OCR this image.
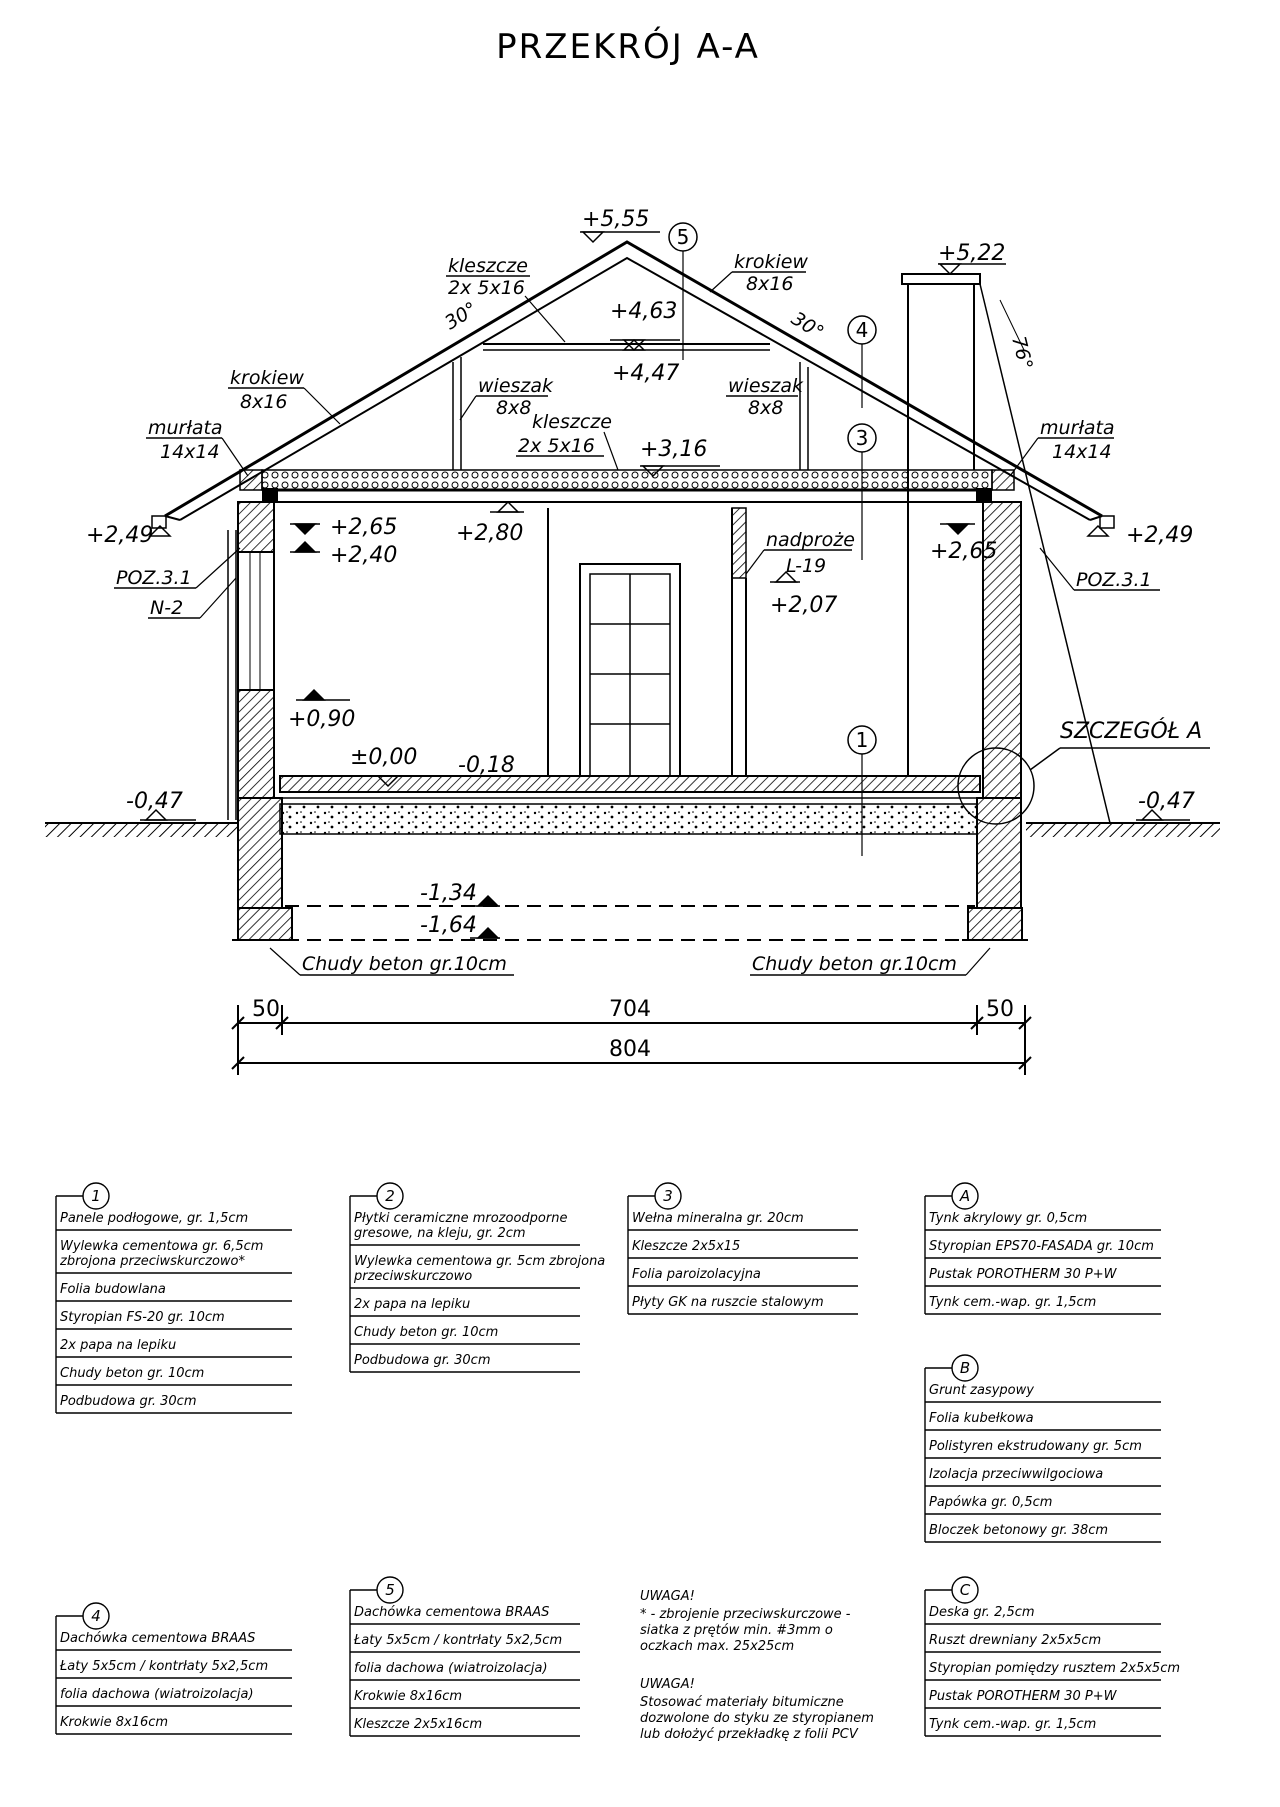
PRZEKRÓJ A-A
+5,55
+5,22
+4,63
+4,47
+3,16
+2,80
+2,49	+2,49
+2,65
+2,40	+2,65
+2,07
+0,90
±0,00 -0,18
-0,47	-0,47
-1,34
-1,64
kleszcze
2x 5x16
krokiew
8x16
krokiew
8x16
wieszak
8x8
wieszak
8x8
kleszcze
2x 5x16
murłata
14x14
murłata
14x14
POZ.3.1
N-2
POZ.3.1
nadproże
L-19
SZCZEGÓŁ A
Chudy beton gr.10cm	Chudy beton gr.10cm
30°	30°
76°
5
4
3
1
50	704	50
804
1
Panele podłogowe, gr. 1,5cm
Wylewka cementowa gr. 6,5cm
zbrojona przeciwskurczowo*
Folia budowlana
Styropian FS-20 gr. 10cm
2x papa na lepiku
Chudy beton gr. 10cm
Podbudowa gr. 30cm
2
Płytki ceramiczne mrozoodporne
gresowe, na kleju, gr. 2cm
Wylewka cementowa gr. 5cm zbrojona
przeciwskurczowo
2x papa na lepiku
Chudy beton gr. 10cm
Podbudowa gr. 30cm
3
Wełna mineralna gr. 20cm
Kleszcze 2x5x15
Folia paroizolacyjna
Płyty GK na ruszcie stalowym
A
Tynk akrylowy gr. 0,5cm
Styropian EPS70-FASADA gr. 10cm
Pustak POROTHERM 30 P+W
Tynk cem.-wap. gr. 1,5cm
B
Grunt zasypowy
Folia kubełkowa
Polistyren ekstrudowany gr. 5cm
Izolacja przeciwwilgociowa
Papówka gr. 0,5cm
Bloczek betonowy gr. 38cm
4
Dachówka cementowa BRAAS
Łaty 5x5cm / kontrłaty 5x2,5cm
folia dachowa (wiatroizolacja)
Krokwie 8x16cm
5
Dachówka cementowa BRAAS
Łaty 5x5cm / kontrłaty 5x2,5cm
folia dachowa (wiatroizolacja)
Krokwie 8x16cm
Kleszcze 2x5x16cm
C
Deska gr. 2,5cm
Ruszt drewniany 2x5x5cm
Styropian pomiędzy rusztem 2x5x5cm
Pustak POROTHERM 30 P+W
Tynk cem.-wap. gr. 1,5cm
UWAGA!
* - zbrojenie przeciwskurczowe -
siatka z prętów min. #3mm o
oczkach max. 25x25cm
UWAGA!
Stosować materiały bitumiczne
dozwolone do styku ze styropianem
lub dołożyć przekładkę z folii PCV
